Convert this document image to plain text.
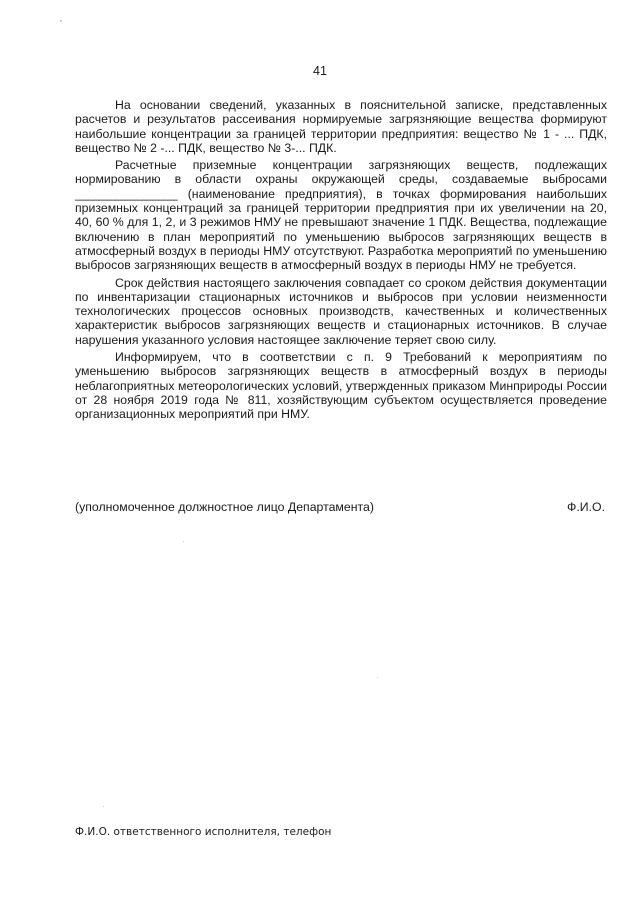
41

На основании сведений, указанных в пояснительной записке, представленных расчетов и результатов рассеивания нормируемые загрязняющие вещества формируют наибольшие концентрации за границей территории предприятия: вещество № 1 - ... ПДК, вещество № 2 -... ПДК, вещество № 3-... ПДК.

Расчетные приземные концентрации загрязняющих веществ, подлежащих нормированию в области охраны окружающей среды, создаваемые выбросами _______________ (наименование предприятия), в точках формирования наибольших приземных концентраций за границей территории предприятия при их увеличении на 20, 40, 60 % для 1, 2, и 3 режимов НМУ не превышают значение 1 ПДК. Вещества, подлежащие включению в план мероприятий по уменьшению выбросов загрязняющих веществ в атмосферный воздух в периоды НМУ отсутствуют. Разработка мероприятий по уменьшению выбросов загрязняющих веществ в атмосферный воздух в периоды НМУ не требуется.

Срок действия настоящего заключения совпадает со сроком действия документации по инвентаризации стационарных источников и выбросов при условии неизменности технологических процессов основных производств, качественных и количественных характеристик выбросов загрязняющих веществ и стационарных источников. В случае нарушения указанного условия настоящее заключение теряет свою силу.

Информируем, что в соответствии с п. 9 Требований к мероприятиям по уменьшению выбросов загрязняющих веществ в атмосферный воздух в периоды неблагоприятных метеорологических условий, утвержденных приказом Минприроды России от 28 ноября 2019 года № 811, хозяйствующим субъектом осуществляется проведение организационных мероприятий при НМУ.

(уполномоченное должностное лицо Департамента)	Ф.И.О.
Ф.И.О. ответственного исполнителя, телефон
